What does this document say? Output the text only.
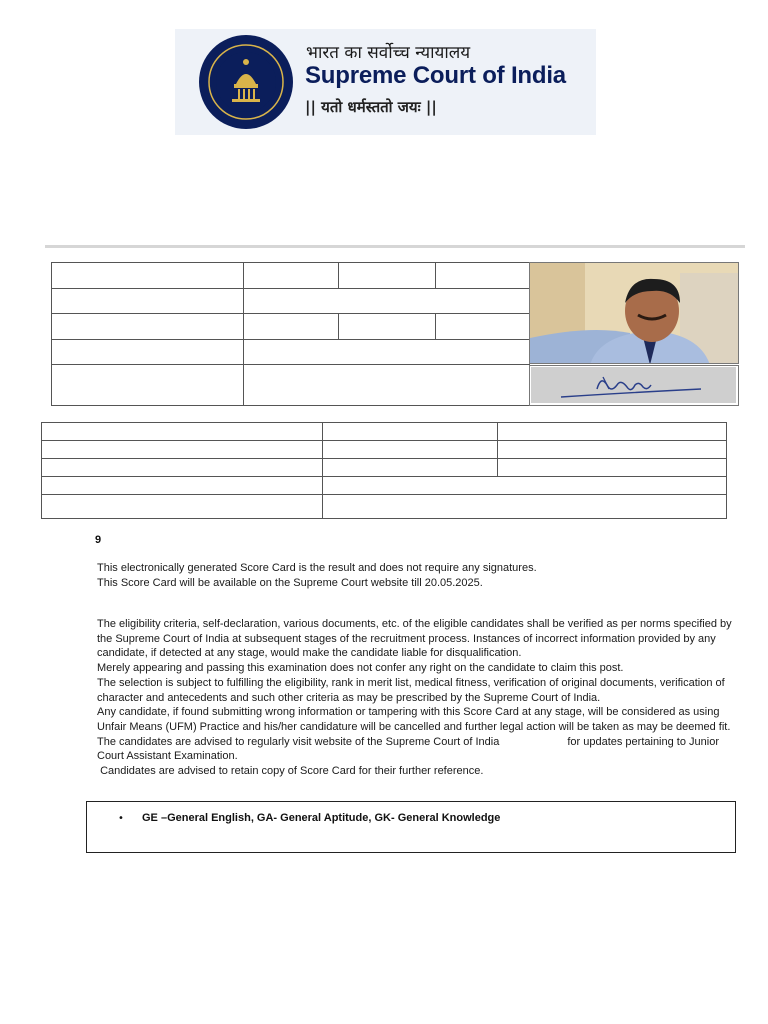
भारत का सर्वोच्च न्यायालय
Supreme Court of India
|| यतो धर्मस्ततो जयः ||

9

This electronically generated Score Card is the result and does not require any signatures.

This Score Card will be available on the Supreme Court website till 20.05.2025.

The eligibility criteria, self-declaration, various documents, etc. of the eligible candidates shall be verified as per norms specified by the Supreme Court of India at subsequent stages of the recruitment process. Instances of incorrect information provided by any candidate, if detected at any stage, would make the candidate liable for disqualification.

Merely appearing and passing this examination does not confer any right on the candidate to claim this post.

The selection is subject to fulfilling the eligibility, rank in merit list, medical fitness, verification of original documents, verification of character and antecedents and such other criteria as may be prescribed by the Supreme Court of India.

Any candidate, if found submitting wrong information or tampering with this Score Card at any stage, will be considered as using Unfair Means (UFM) Practice and his/her candidature will be cancelled and further legal action will be taken as may be deemed fit.

The candidates are advised to regularly visit website of the Supreme Court of India	for updates pertaining to Junior Court Assistant Examination.

Candidates are advised to retain copy of Score Card for their further reference.

• GE –General English, GA- General Aptitude, GK- General Knowledge
